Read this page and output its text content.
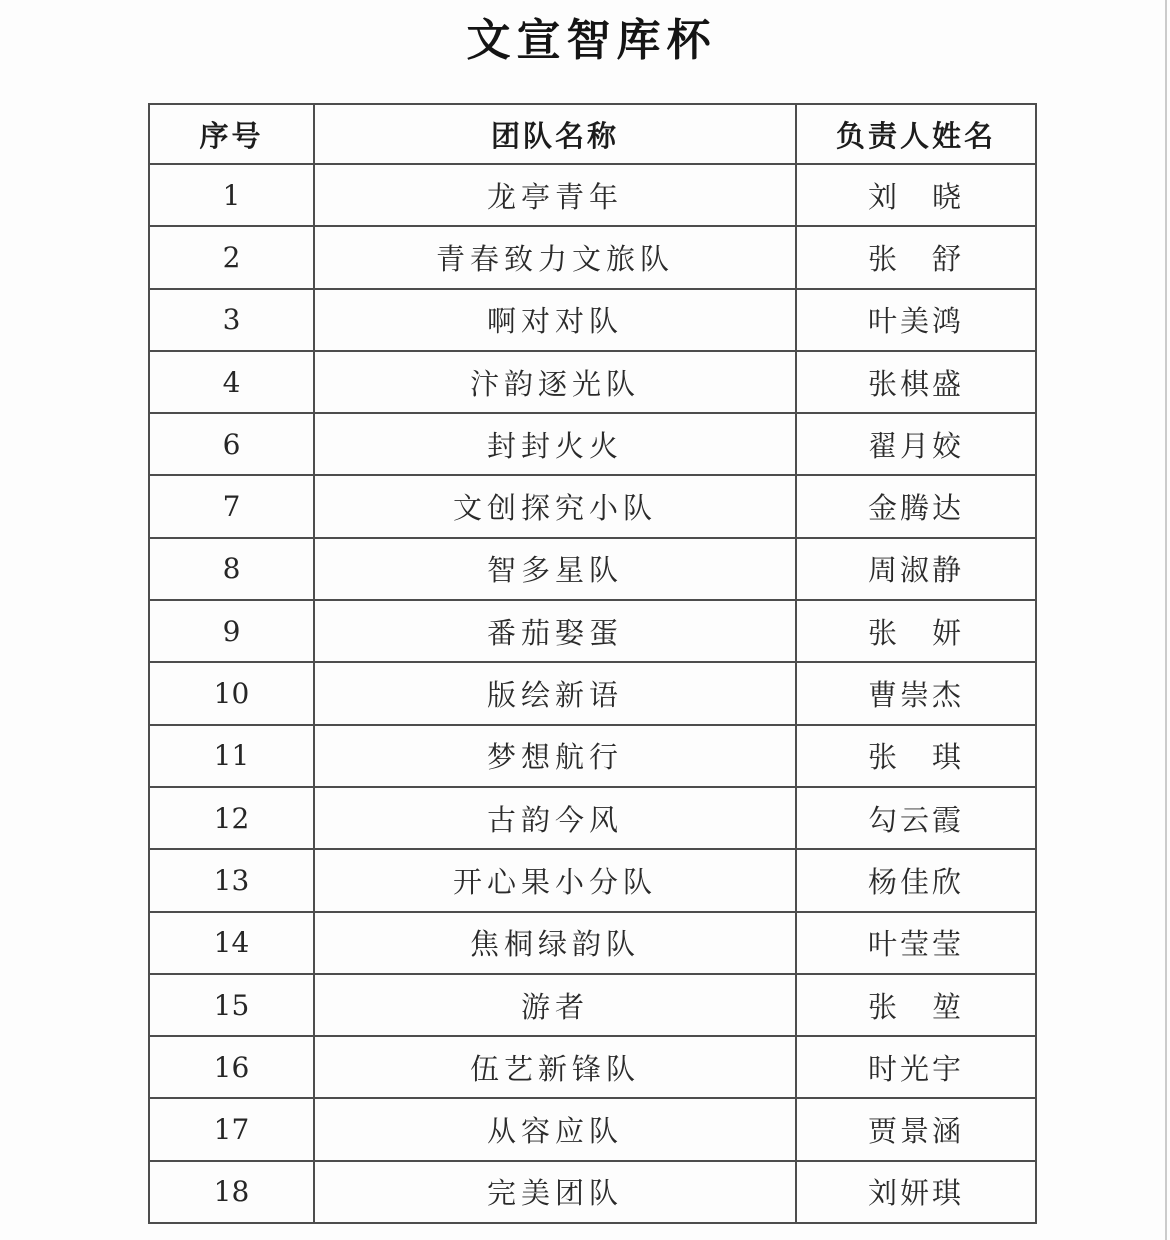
文宣智库杯
序号	团队名称	负责人姓名
1	龙亭青年	刘　晓
2	青春致力文旅队	张　舒
3	啊对对队	叶美鸿
4	汴韵逐光队	张棋盛
6	封封火火	翟月姣
7	文创探究小队	金腾达
8	智多星队	周淑静
9	番茄娶蛋	张　妍
10	版绘新语	曹崇杰
11	梦想航行	张　琪
12	古韵今风	勾云霞
13	开心果小分队	杨佳欣
14	焦桐绿韵队	叶莹莹
15	游者	张　堃
16	伍艺新锋队	时光宇
17	从容应队	贾景涵
18	完美团队	刘妍琪
